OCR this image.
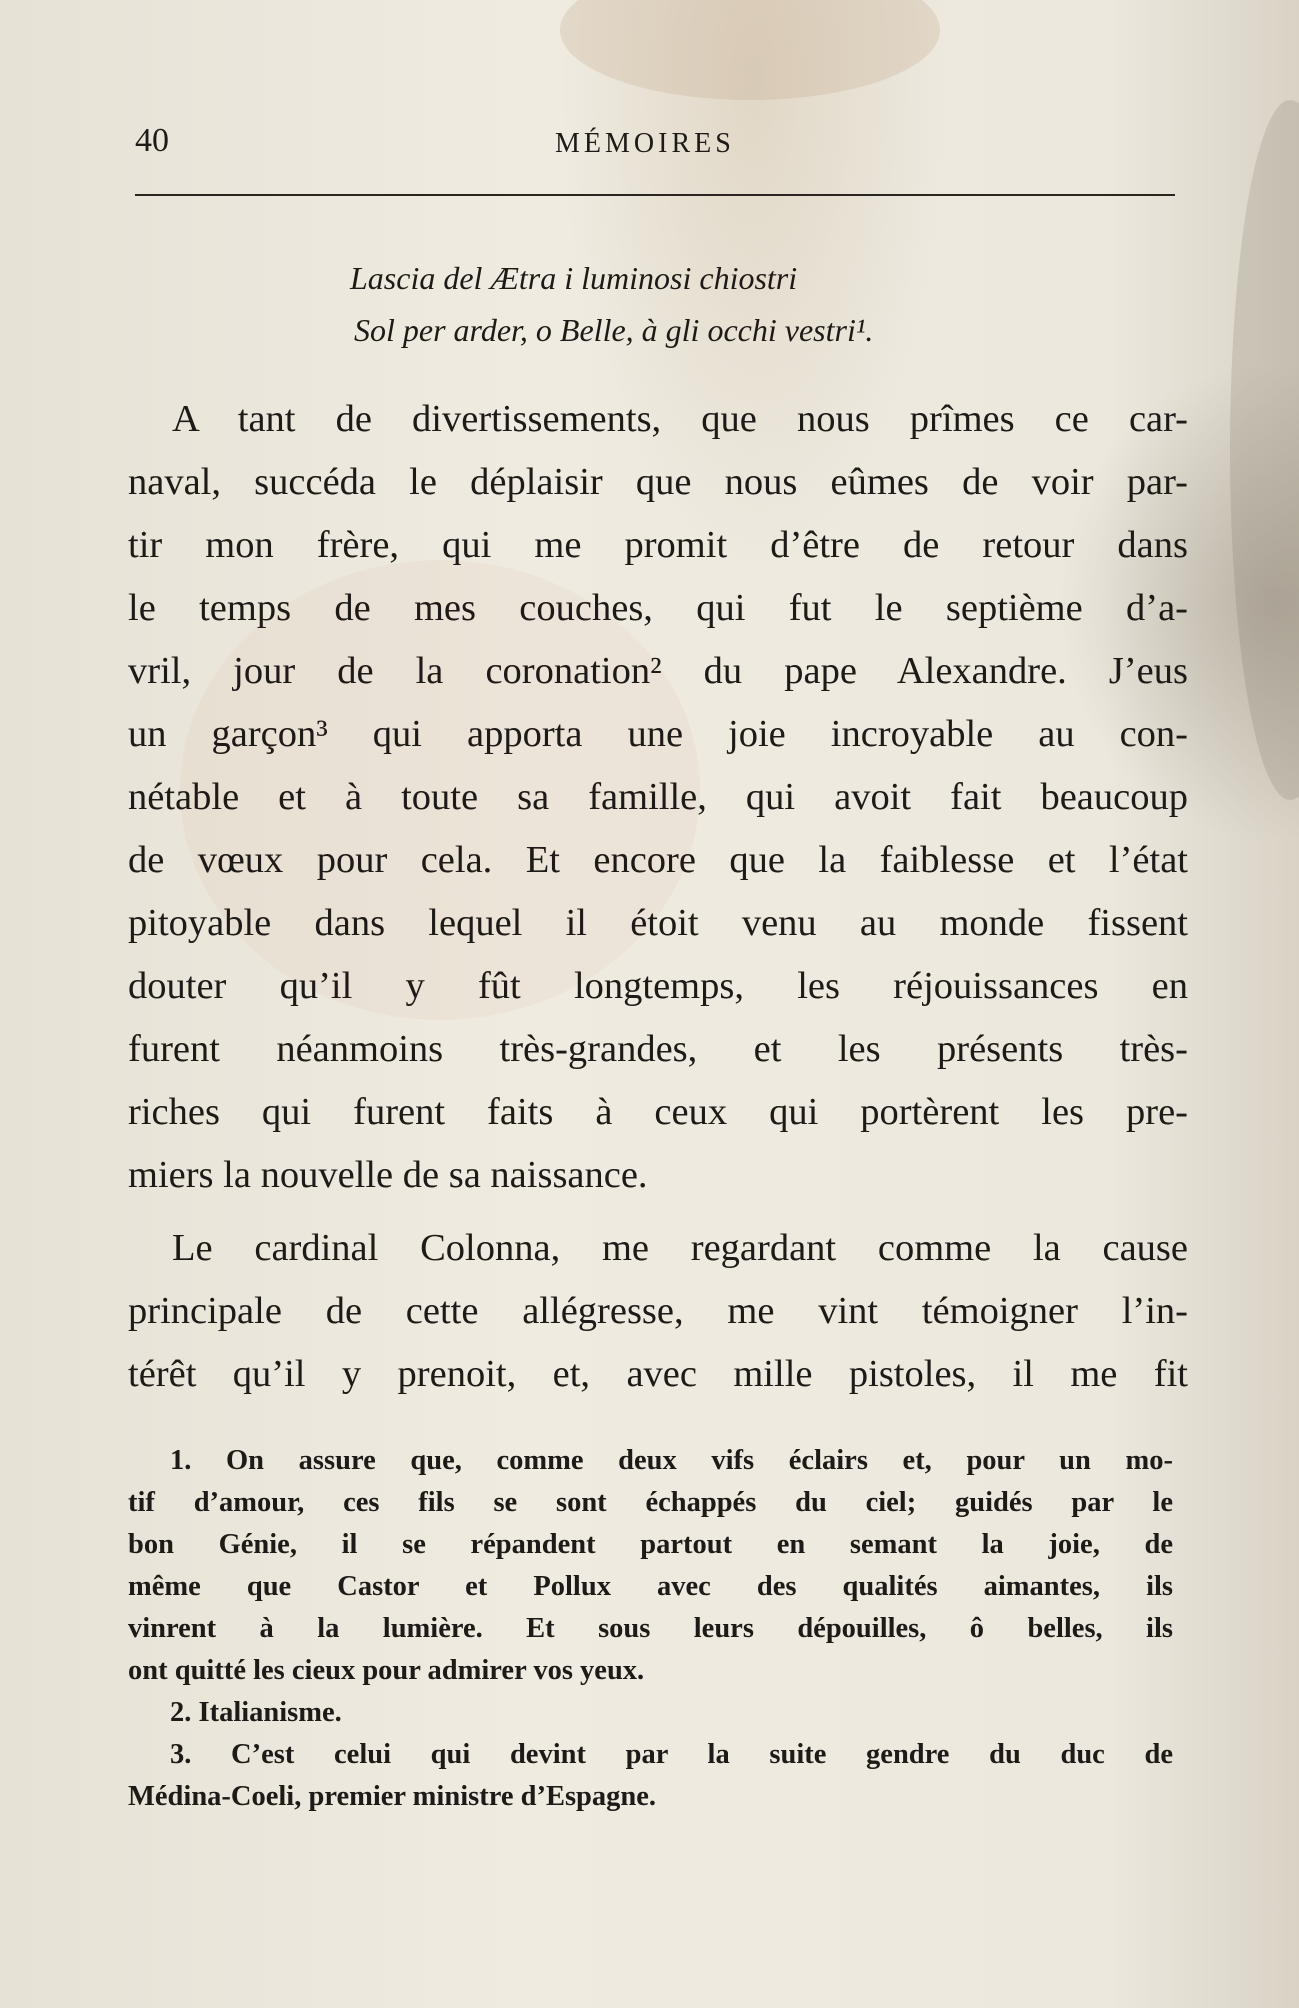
40	MÉMOIRES
Lascia del Ætra i luminosi chiostri
Sol per arder, o Belle, à gli occhi vestri¹.
A tant de divertissements, que nous prîmes ce car-
naval, succéda le déplaisir que nous eûmes de voir par-
tir mon frère, qui me promit d’être de retour dans
le temps de mes couches, qui fut le septième d’a-
vril, jour de la coronation² du pape Alexandre. J’eus
un garçon³ qui apporta une joie incroyable au con-
nétable et à toute sa famille, qui avoit fait beaucoup
de vœux pour cela. Et encore que la faiblesse et l’état
pitoyable dans lequel il étoit venu au monde fissent
douter qu’il y fût longtemps, les réjouissances en
furent néanmoins très-grandes, et les présents très-
riches qui furent faits à ceux qui portèrent les pre-
miers la nouvelle de sa naissance.
Le cardinal Colonna, me regardant comme la cause
principale de cette allégresse, me vint témoigner l’in-
térêt qu’il y prenoit, et, avec mille pistoles, il me fit
1. On assure que, comme deux vifs éclairs et, pour un mo-
tif d’amour, ces fils se sont échappés du ciel; guidés par le
bon Génie, il se répandent partout en semant la joie, de
même que Castor et Pollux avec des qualités aimantes, ils
vinrent à la lumière. Et sous leurs dépouilles, ô belles, ils
ont quitté les cieux pour admirer vos yeux.
2. Italianisme.
3. C’est celui qui devint par la suite gendre du duc de
Médina-Coeli, premier ministre d’Espagne.
